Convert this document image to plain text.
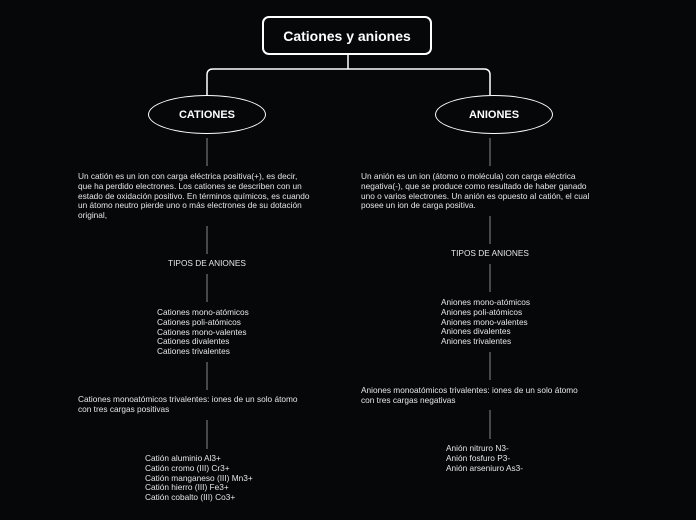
Cationes y aniones
CATIONES	ANIONES
Un catión es un ion con carga eléctrica positiva(+), es decir,
que ha perdido electrones. Los cationes se describen con un
estado de oxidación positivo. En términos químicos, es cuando
un átomo neutro pierde uno o más electrones de su dotación
original,
TIPOS DE ANIONES
Cationes mono-atómicos
Cationes poli-atómicos
Cationes mono-valentes
Cationes divalentes
Cationes trivalentes
Cationes monoatómicos trivalentes: iones de un solo átomo
con tres cargas positivas
Catión aluminio Al3+
Catión cromo (III) Cr3+
Catión manganeso (III) Mn3+
Catión hierro (III) Fe3+
Catión cobalto (III) Co3+
Un anión es un ion (átomo o molécula) con carga eléctrica
negativa(-), que se produce como resultado de haber ganado
uno o varios electrones. Un anión es opuesto al catión, el cual
posee un ion de carga positiva.
TIPOS DE ANIONES
Aniones mono-atómicos
Aniones poli-atómicos
Aniones mono-valentes
Aniones divalentes
Aniones trivalentes
Aniones monoatómicos trivalentes: iones de un solo átomo
con tres cargas negativas
Anión nitruro N3-
Anión fosfuro P3-
Anión arseniuro As3-
